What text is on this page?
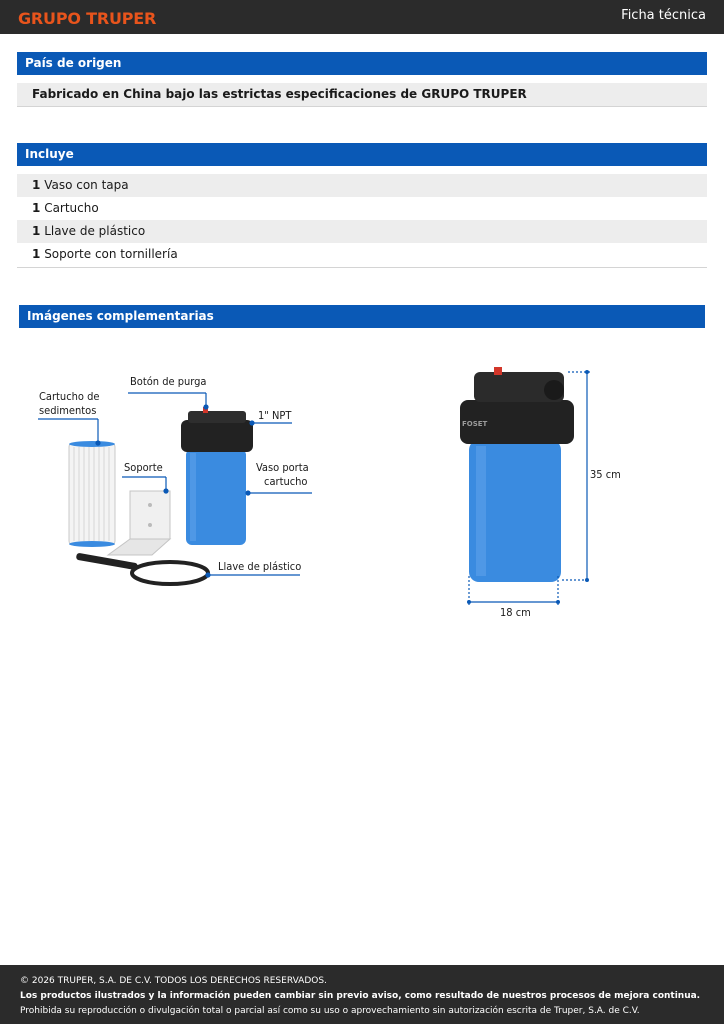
GRUPO TRUPER	Ficha técnica
País de origen
Fabricado en China bajo las estrictas especificaciones de GRUPO TRUPER
Incluye
1 Vaso con tapa
1 Cartucho
1 Llave de plástico
1 Soporte con tornillería
Imágenes complementarias
Cartucho de
sedimentos
Botón de purga
1" NPT
Soporte	Vaso porta
cartucho
Llave de plástico
FOSET
35 cm
18 cm
© 2026 TRUPER, S.A. DE C.V. TODOS LOS DERECHOS RESERVADOS.
Los productos ilustrados y la información pueden cambiar sin previo aviso, como resultado de nuestros procesos de mejora continua.
Prohibida su reproducción o divulgación total o parcial así como su uso o aprovechamiento sin autorización escrita de Truper, S.A. de C.V.
